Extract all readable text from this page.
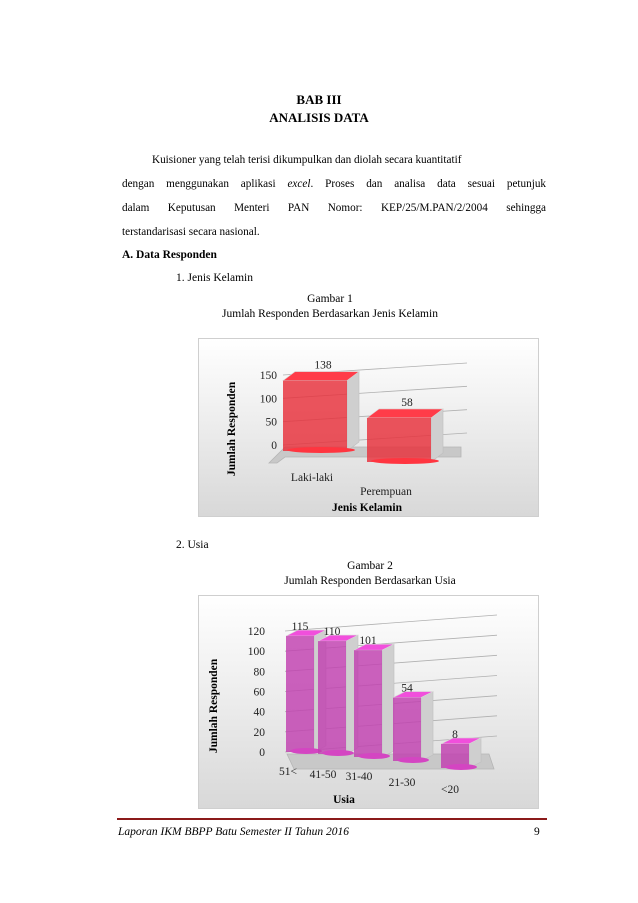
BAB III
ANALISIS DATA
Kuisioner yang telah terisi dikumpulkan dan diolah secara kuantitatif
dengan menggunakan aplikasi excel. Proses dan analisa data sesuai petunjuk
dalam Keputusan Menteri PAN Nomor: KEP/25/M.PAN/2/2004 sehingga
terstandarisasi secara nasional.
A. Data Responden
1. Jenis Kelamin
Gambar 1
Jumlah Responden Berdasarkan Jenis Kelamin
0
50
100
150
Jumlah Responden
138
58
Laki-laki
Perempuan
Jenis Kelamin
2. Usia
Gambar 2
Jumlah Responden Berdasarkan Usia
0
20
40
60
80
100
120
Jumlah Responden
115 110
101
54
8
51< 41-50 31-40 21-30
<20
Usia
Laporan IKM BBPP Batu Semester II Tahun 2016	9
